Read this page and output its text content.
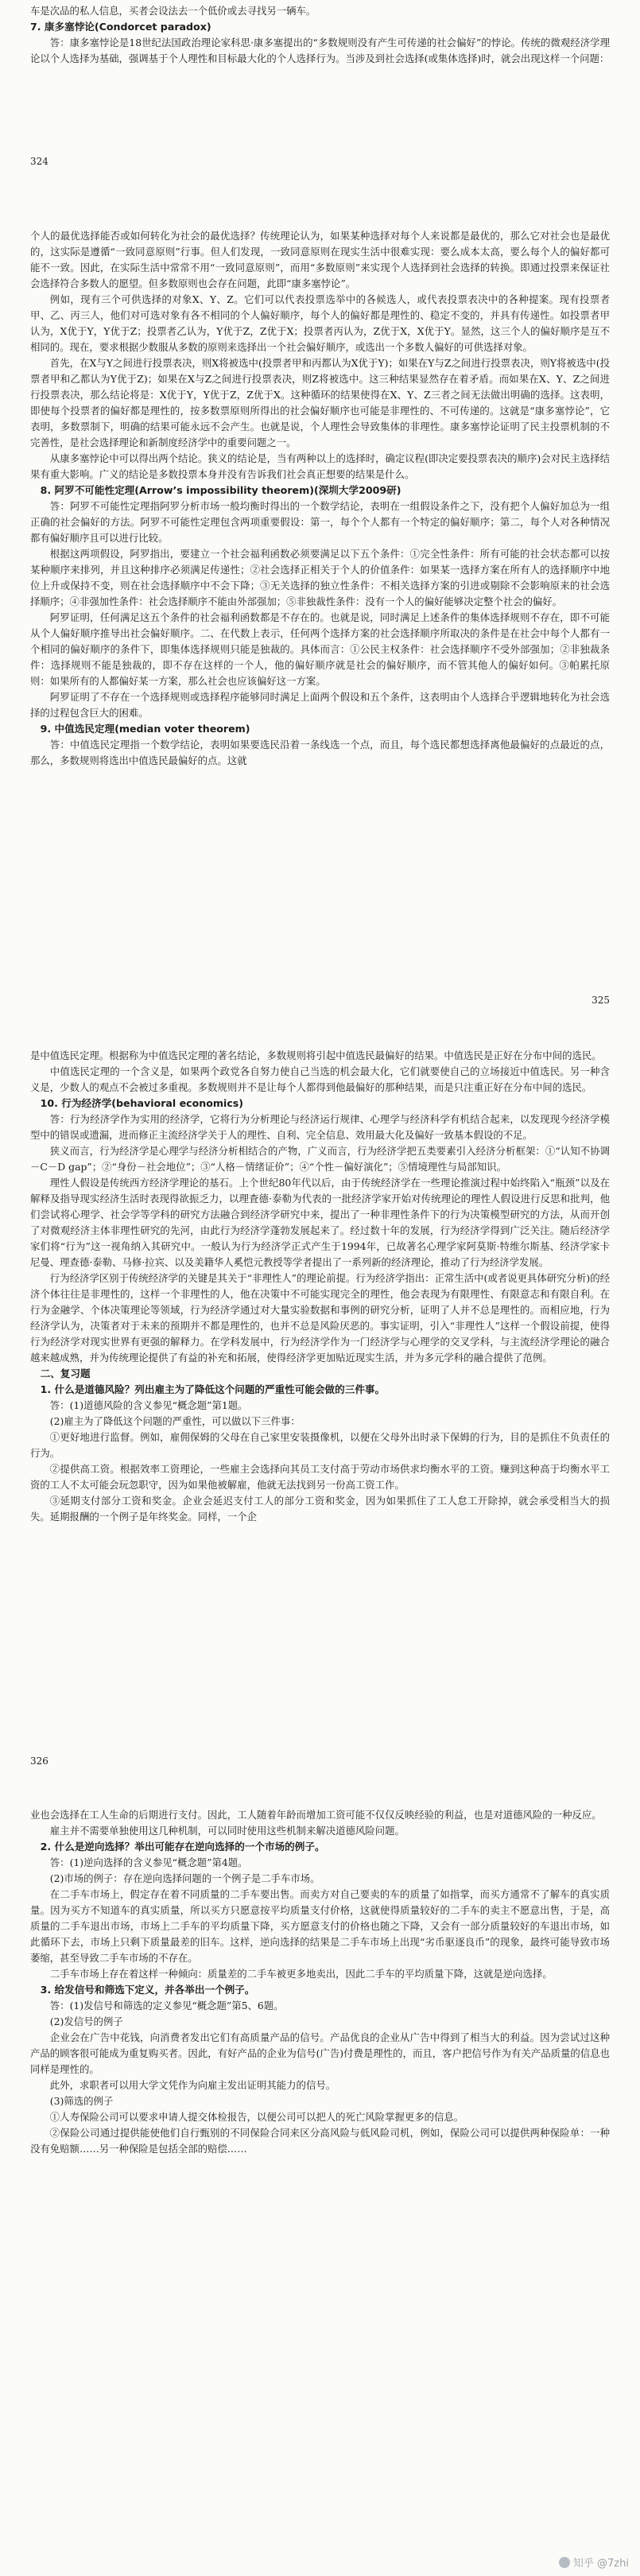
车是次品的私人信息，买者会设法去一个低价或去寻找另一辆车。

7. 康多塞悖论(Condorcet paradox)

答：康多塞悖论是18世纪法国政治理论家科思·康多塞提出的“多数规则没有产生可传递的社会偏好”的悖论。传统的微观经济学理论以个人选择为基础，强调基于个人理性和目标最大化的个人选择行为。当涉及到社会选择(或集体选择)时，就会出现这样一个问题：

324

个人的最优选择能否或如何转化为社会的最优选择？传统理论认为，如果某种选择对每个人来说都是最优的，那么它对社会也是最优的，这实际是遵循“一致同意原则”行事。但人们发现，一致同意原则在现实生活中很难实现：要么成本太高，要么每个人的偏好都可能不一致。因此，在实际生活中常常不用“一致同意原则”，而用“多数原则”来实现个人选择到社会选择的转换。即通过投票来保证社会选择符合多数人的愿望。但多数原则也会存在问题，此即“康多塞悖论”。

例如，现有三个可供选择的对象X、Y、Z。它们可以代表投票选举中的各候选人，或代表投票表决中的各种提案。现有投票者甲、乙、丙三人，他们对可选对象有各不相同的个人偏好顺序，每个人的偏好都是理性的、稳定不变的，并具有传递性。如投票者甲认为，X优于Y，Y优于Z；投票者乙认为，Y优于Z，Z优于X；投票者丙认为，Z优于X，X优于Y。显然，这三个人的偏好顺序是互不相同的。现在，要求根据少数服从多数的原则来选择出一个社会偏好顺序，或选出一个多数人偏好的可供选择对象。

首先，在X与Y之间进行投票表决，则X将被选中(投票者甲和丙都认为X优于Y)；如果在Y与Z之间进行投票表决，则Y将被选中(投票者甲和乙都认为Y优于Z)；如果在X与Z之间进行投票表决，则Z将被选中。这三种结果显然存在着矛盾。而如果在X、Y、Z之间进行投票表决，那么结论将是：X优于Y，Y优于Z，Z优于X。这种循环的结果使得在X、Y、Z三者之间无法做出明确的选择。这表明，即使每个投票者的偏好都是理性的，按多数票原则所得出的社会偏好顺序也可能是非理性的、不可传递的。这就是“康多塞悖论”，它表明，多数票制下，明确的结果可能永远不会产生。也就是说，个人理性会导致集体的非理性。康多塞悖论证明了民主投票机制的不完善性，是社会选择理论和新制度经济学中的重要问题之一。

从康多塞悖论中可以得出两个结论。狭义的结论是，当有两种以上的选择时，确定议程(即决定要投票表决的顺序)会对民主选择结果有重大影响。广义的结论是多数投票本身并没有告诉我们社会真正想要的结果是什么。

8. 阿罗不可能性定理(Arrow’s impossibility theorem)(深圳大学2009研)

答：阿罗不可能性定理指阿罗分析市场一般均衡时得出的一个数学结论，表明在一组假设条件之下，没有把个人偏好加总为一组正确的社会偏好的方法。阿罗不可能性定理包含两项重要假设：第一，每个个人都有一个特定的偏好顺序；第二，每个人对各种情况都有偏好顺序且可以进行比较。

根据这两项假设，阿罗指出，要建立一个社会福利函数必须要满足以下五个条件：①完全性条件：所有可能的社会状态都可以按某种顺序来排列，并且这种排序必须满足传递性；②社会选择正相关于个人的价值条件：如果某一选择方案在所有人的选择顺序中地位上升或保持不变，则在社会选择顺序中不会下降；③无关选择的独立性条件：不相关选择方案的引进或剔除不会影响原来的社会选择顺序；④非强加性条件：社会选择顺序不能由外部强加；⑤非独裁性条件：没有一个人的偏好能够决定整个社会的偏好。

阿罗证明，任何满足这五个条件的社会福利函数都是不存在的。也就是说，同时满足上述条件的集体选择规则不存在，即不可能从个人偏好顺序推导出社会偏好顺序。二、在代数上表示，任何两个选择方案的社会选择顺序所取决的条件是在社会中每个人都有一个相同的偏好顺序的条件下，即集体选择规则只能是独裁的。具体而言：①公民主权条件：社会选择顺序不受外部强加；②非独裁条件：选择规则不能是独裁的，即不存在这样的一个人，他的偏好顺序就是社会的偏好顺序，而不管其他人的偏好如何。③帕累托原则：如果所有的人都偏好某一方案，那么社会也应该偏好这一方案。

阿罗证明了不存在一个选择规则或选择程序能够同时满足上面两个假设和五个条件，这表明由个人选择合乎逻辑地转化为社会选择的过程包含巨大的困难。

9. 中值选民定理(median voter theorem)

答：中值选民定理指一个数学结论，表明如果要选民沿着一条线选一个点，而且，每个选民都想选择离他最偏好的点最近的点，那么，多数规则将选出中值选民最偏好的点。这就

325

是中值选民定理。根据称为中值选民定理的著名结论，多数规则将引起中值选民最偏好的结果。中值选民是正好在分布中间的选民。

中值选民定理的一个含义是，如果两个政党各自努力使自己当选的机会最大化，它们就要使自己的立场接近中值选民。另一种含义是，少数人的观点不会被过多重视。多数规则并不是让每个人都得到他最偏好的那种结果，而是只注重正好在分布中间的选民。

10. 行为经济学(behavioral economics)

答：行为经济学作为实用的经济学，它将行为分析理论与经济运行规律、心理学与经济科学有机结合起来，以发现现今经济学模型中的错误或遗漏，进而修正主流经济学关于人的理性、自利、完全信息、效用最大化及偏好一致基本假设的不足。

狭义而言，行为经济学是心理学与经济分析相结合的产物，广义而言，行为经济学把五类要素引入经济分析框架：①“认知不协调－C－D gap”；②“身份－社会地位”；③“人格－情绪证价”；④“个性－偏好演化”；⑤情境理性与局部知识。

理性人假设是传统西方经济学理论的基石。上个世纪80年代以后，由于传统经济学在一些理论推演过程中始终陷入“瓶颈”以及在解释及指导现实经济生活时表现得欲振乏力，以理査德·泰勒为代表的一批经济学家开始对传统理论的理性人假设进行反思和批判，他们尝试将心理学、社会学等学科的研究方法融合到经济学研究中来，提出了一种非理性条件下的行为决策模型研究的方法，从而开创了对微观经济主体非理性研究的先河，由此行为经济学蓬勃发展起来了。经过数十年的发展，行为经济学得到广泛关注。随后经济学家们将“行为”这一视角纳入其研究中。一般认为行为经济学正式产生于1994年，已故著名心理学家阿莫斯·特维尔斯基、经济学家卡尼曼、理查德·泰勒、马修·拉宾、以及美籍华人奚恺元教授等学者提出了一系列新的经济理论，推动了行为经济学发展。

行为经济学区别于传统经济学的关键是其关于“非理性人”的理论前提。行为经济学指出：正常生活中(或者说更具体研究分析)的经济个体往往是非理性的，这样一个非理性的人，他在决策中不可能实现完全的理性，他会表现为有限理性、有限意志和有限自利。在行为金融学、个体决策理论等领域，行为经济学通过对大量实验数据和事例的研究分析，证明了人并不总是理性的。而相应地，行为经济学认为，决策者对于未来的预期并不都是理性的，也并不总是风险厌恶的。事实证明，引入“非理性人”这样一个假设前提，使得行为经济学对现实世界有更强的解释力。在学科发展中，行为经济学作为一门经济学与心理学的交叉学科，与主流经济学理论的融合越来越成熟，并为传统理论提供了有益的补充和拓展，使得经济学更加贴近现实生活，并为多元学科的融合提供了范例。

二、复习题

1. 什么是道德风险？列出雇主为了降低这个问题的严重性可能会做的三件事。

答：(1)道德风险的含义参见“概念题”第1题。

(2)雇主为了降低这个问题的严重性，可以做以下三件事：

①更好地进行监督。例如，雇佣保姆的父母在自己家里安装摄像机，以便在父母外出时录下保姆的行为，目的是抓住不负责任的行为。

②提供高工资。根据效率工资理论，一些雇主会选择向其员工支付高于劳动市场供求均衡水平的工资。赚到这种高于均衡水平工资的工人不太可能会玩忽职守，因为如果他被解雇，他就无法找到另一份高工资工作。

③延期支付部分工资和奖金。企业会延迟支付工人的部分工资和奖金，因为如果抓住了工人怠工开除掉，就会承受相当大的损失。延期报酬的一个例子是年终奖金。同样，一个企

326

业也会选择在工人生命的后期进行支付。因此，工人随着年龄而增加工资可能不仅仅反映经验的利益，也是对道德风险的一种反应。

雇主并不需要单独使用这几种机制，可以同时使用这些机制来解决道德风险问题。

2. 什么是逆向选择？举出可能存在逆向选择的一个市场的例子。

答：(1)逆向选择的含义参见“概念题”第4题。

(2)市场的例子：存在逆向选择问题的一个例子是二手车市场。

在二手车市场上，假定存在着不同质量的二手车要出售。而卖方对自己要卖的车的质量了如指掌，而买方通常不了解车的真实质量。因为买方不知道车的真实质量，所以买方只愿意按平均质量支付价格，这就使得质量较好的二手车的卖主不愿意出售，于是，高质量的二手车退出市场，市场上二手车的平均质量下降，买方愿意支付的价格也随之下降，又会有一部分质量较好的车退出市场，如此循环下去，市场上只剩下质量最差的旧车。这样，逆向选择的结果是二手车市场上出现“劣币驱逐良币”的现象，最终可能导致市场萎缩，甚至导致二手车市场的不存在。

二手车市场上存在着这样一种倾向：质量差的二手车被更多地卖出，因此二手车的平均质量下降，这就是逆向选择。

3. 给发信号和筛选下定义，并各举出一个例子。

答：(1)发信号和筛选的定义参见“概念题”第5、6题。

(2)发信号的例子

企业会在广告中花钱，向消费者发出它们有高质量产品的信号。产品优良的企业从广告中得到了相当大的利益。因为尝试过这种产品的顾客很可能成为重复购买者。因此，有好产品的企业为信号(广告)付费是理性的，而且，客户把信号作为有关产品质量的信息也同样是理性的。

此外，求职者可以用大学文凭作为向雇主发出证明其能力的信号。

(3)筛选的例子

①人寿保险公司可以要求申请人提交体检报告，以便公司可以把人的死亡风险掌握更多的信息。

②保险公司通过提供能使他们自行甄别的不同保险合同来区分高风险与低风险司机，例如，保险公司可以提供两种保险单：一种没有免赔额……另一种保险是包括全部的赔偿……

知乎 @7zhi
